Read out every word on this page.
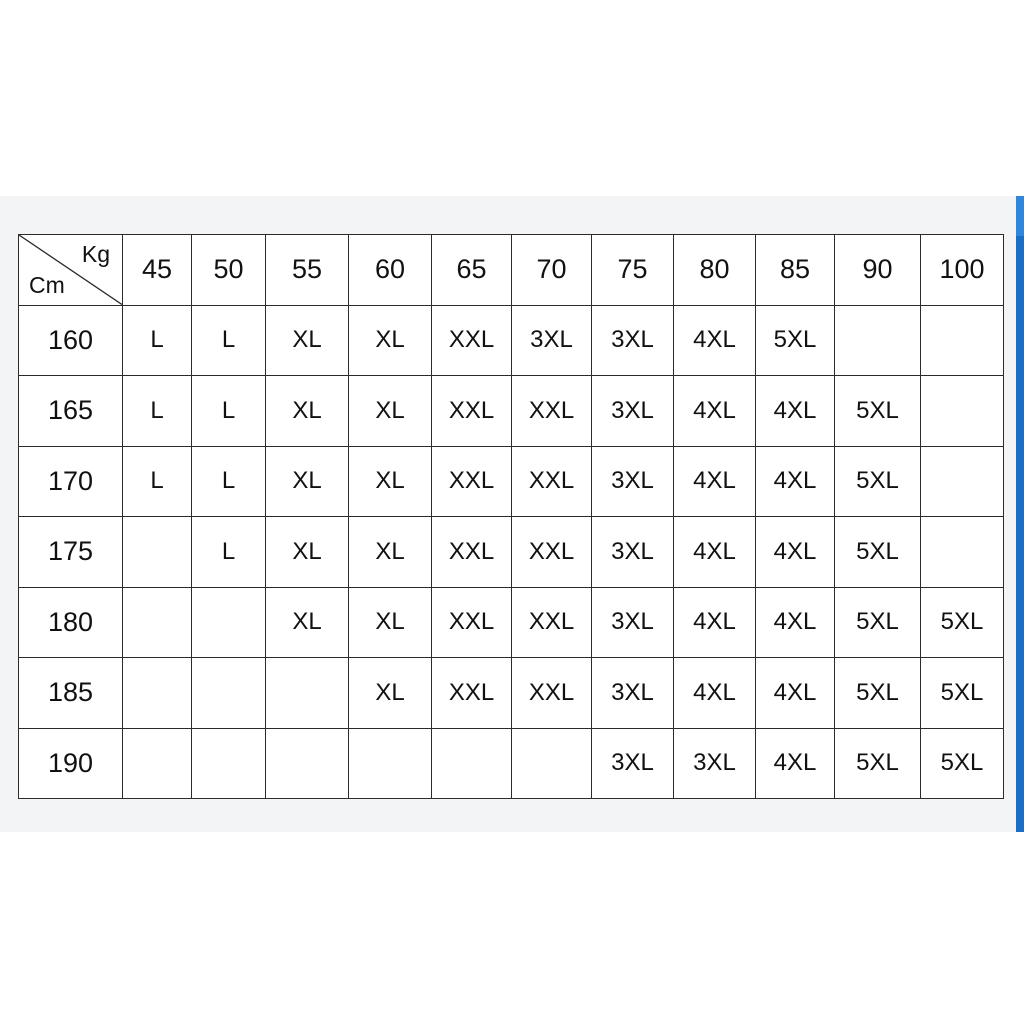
Kg
Cm	45	50	55	60	65	70	75	80	85	90	100
160	L	L	XL	XL	XXL	3XL	3XL	4XL	5XL		
165	L	L	XL	XL	XXL	XXL	3XL	4XL	4XL	5XL	
170	L	L	XL	XL	XXL	XXL	3XL	4XL	4XL	5XL	
175		L	XL	XL	XXL	XXL	3XL	4XL	4XL	5XL	
180			XL	XL	XXL	XXL	3XL	4XL	4XL	5XL	5XL
185				XL	XXL	XXL	3XL	4XL	4XL	5XL	5XL
190							3XL	3XL	4XL	5XL	5XL
